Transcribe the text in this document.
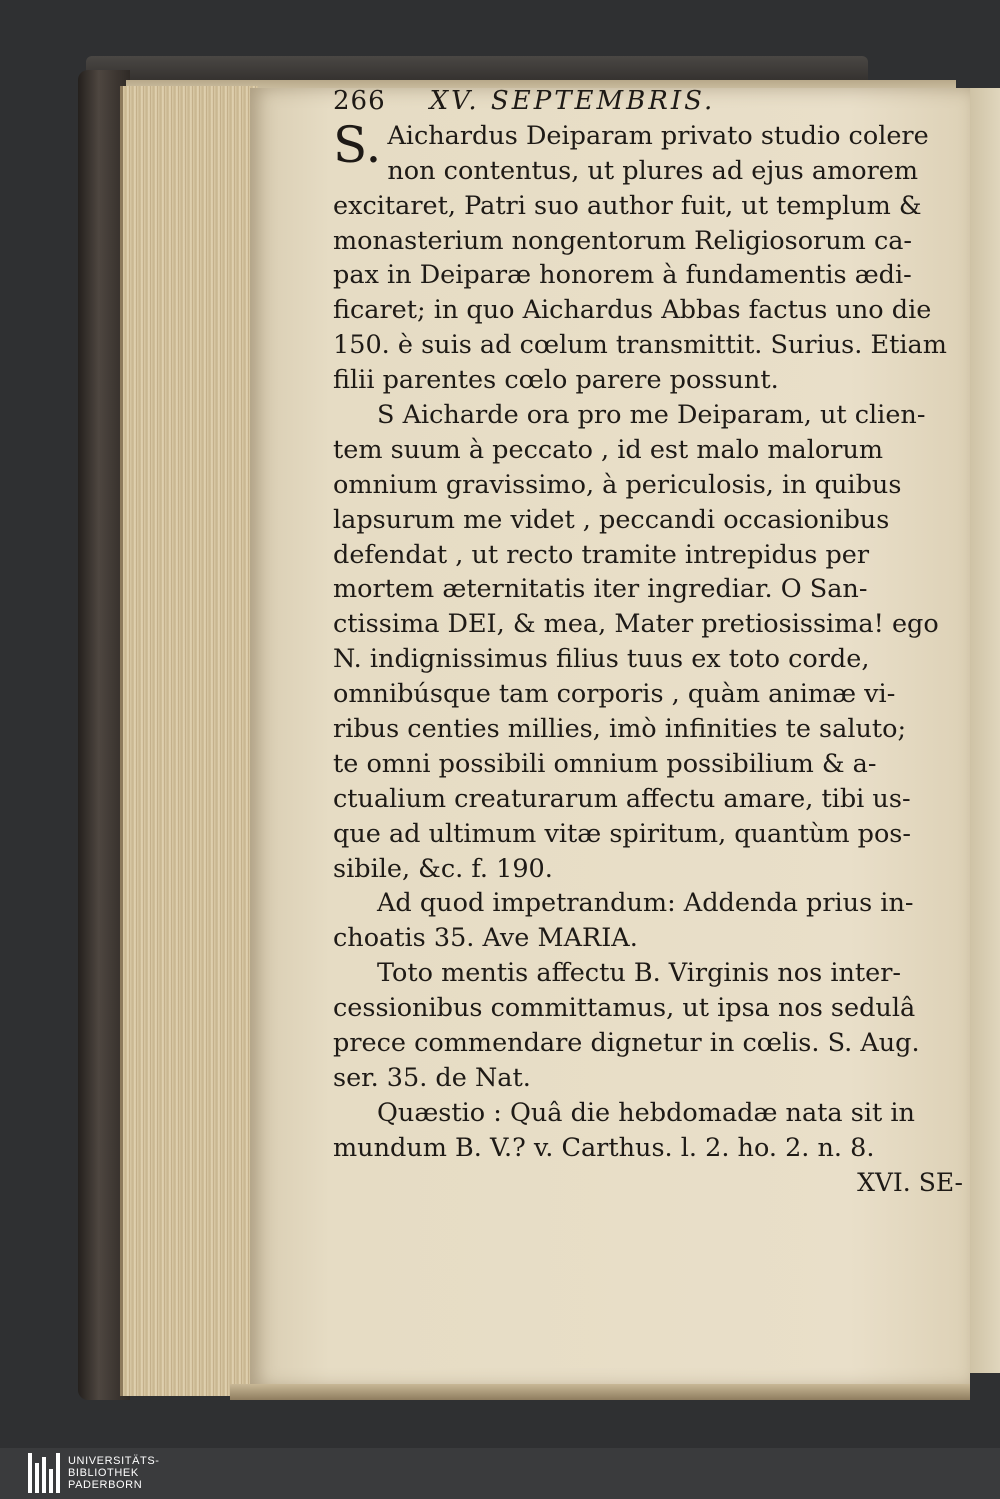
266 XV. SEPTEMBRIS.
S. Aichardus Deiparam privato studio colere
non contentus, ut plures ad ejus amorem
excitaret, Patri suo author fuit, ut templum &
monasterium nongentorum Religiosorum ca-
pax in Deiparæ honorem à fundamentis ædi-
ficaret; in quo Aichardus Abbas factus uno die
150. è suis ad cœlum transmittit. Surius. Etiam
filii parentes cœlo parere possunt.
S Aicharde ora pro me Deiparam, ut clien-
tem suum à peccato , id est malo malorum
omnium gravissimo, à periculosis, in quibus
lapsurum me videt , peccandi occasionibus
defendat , ut recto tramite intrepidus per
mortem æternitatis iter ingrediar. O San-
ctissima DEI, & mea, Mater pretiosissima! ego
N. indignissimus filius tuus ex toto corde,
omnibúsque tam corporis , quàm animæ vi-
ribus centies millies, imò infinities te saluto;
te omni possibili omnium possibilium & a-
ctualium creaturarum affectu amare, tibi us-
que ad ultimum vitæ spiritum, quantùm pos-
sibile, &c. f. 190.
Ad quod impetrandum: Addenda prius in-
choatis 35. Ave MARIA.
Toto mentis affectu B. Virginis nos inter-
cessionibus committamus, ut ipsa nos sedulâ
prece commendare dignetur in cœlis. S. Aug.
ser. 35. de Nat.
Quæstio : Quâ die hebdomadæ nata sit in
mundum B. V.? v. Carthus. l. 2. ho. 2. n. 8.
XVI. SE-
UNIVERSITÄTS-
BIBLIOTHEK
PADERBORN
